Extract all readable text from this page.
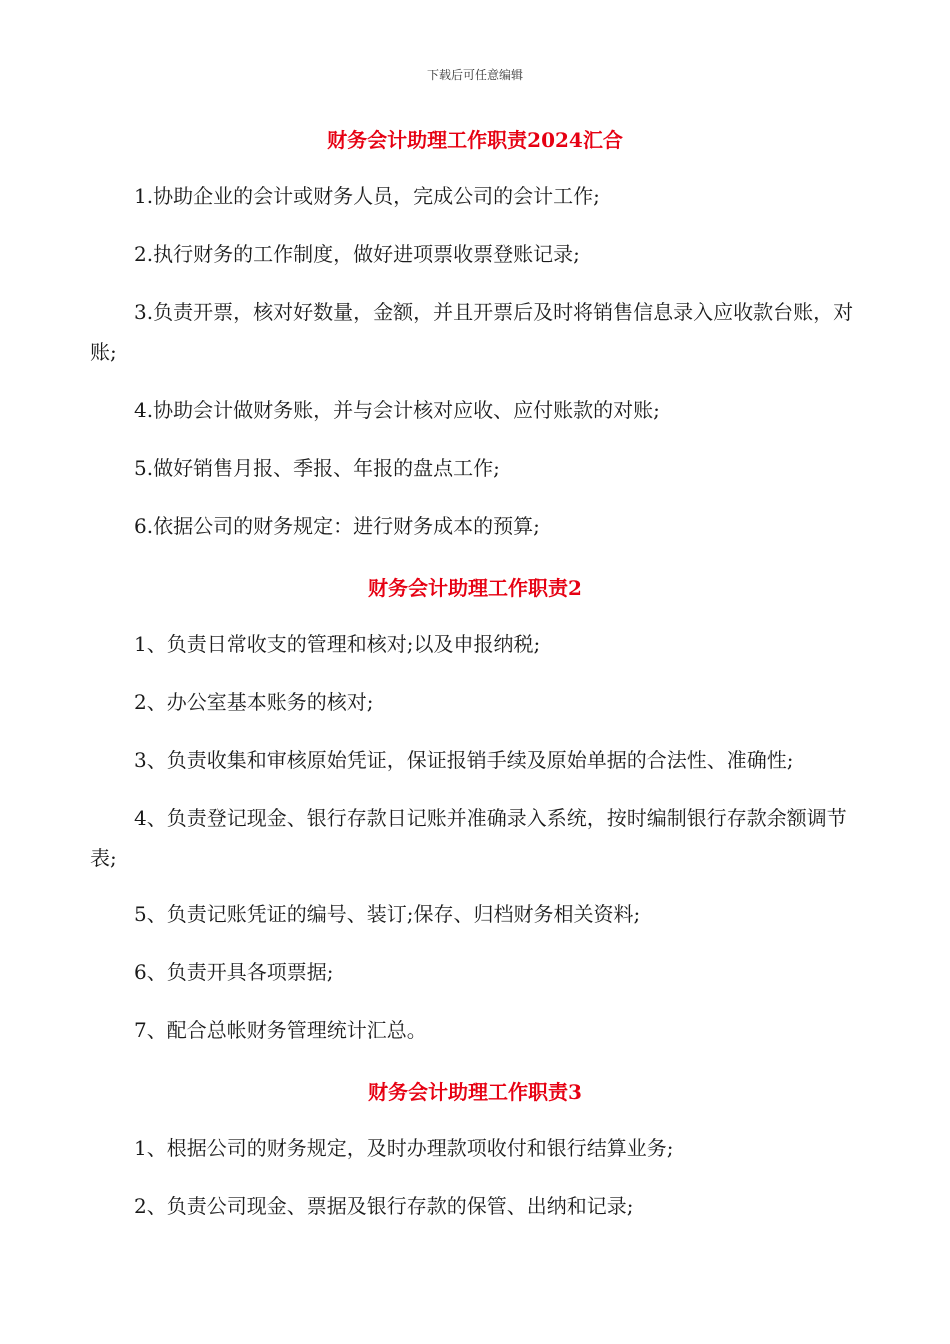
下载后可任意编辑
财务会计助理工作职责2024汇合
1.协助企业的会计或财务人员，完成公司的会计工作;
2.执行财务的工作制度，做好进项票收票登账记录;
3.负责开票，核对好数量，金额，并且开票后及时将销售信息录入应收款台账，对账;
4.协助会计做财务账，并与会计核对应收、应付账款的对账;
5.做好销售月报、季报、年报的盘点工作;
6.依据公司的财务规定：进行财务成本的预算;
财务会计助理工作职责2
1、负责日常收支的管理和核对;以及申报纳税;
2、办公室基本账务的核对;
3、负责收集和审核原始凭证，保证报销手续及原始单据的合法性、准确性;
4、负责登记现金、银行存款日记账并准确录入系统，按时编制银行存款余额调节表;
5、负责记账凭证的编号、装订;保存、归档财务相关资料;
6、负责开具各项票据;
7、配合总帐财务管理统计汇总。
财务会计助理工作职责3
1、根据公司的财务规定，及时办理款项收付和银行结算业务;
2、负责公司现金、票据及银行存款的保管、出纳和记录;
